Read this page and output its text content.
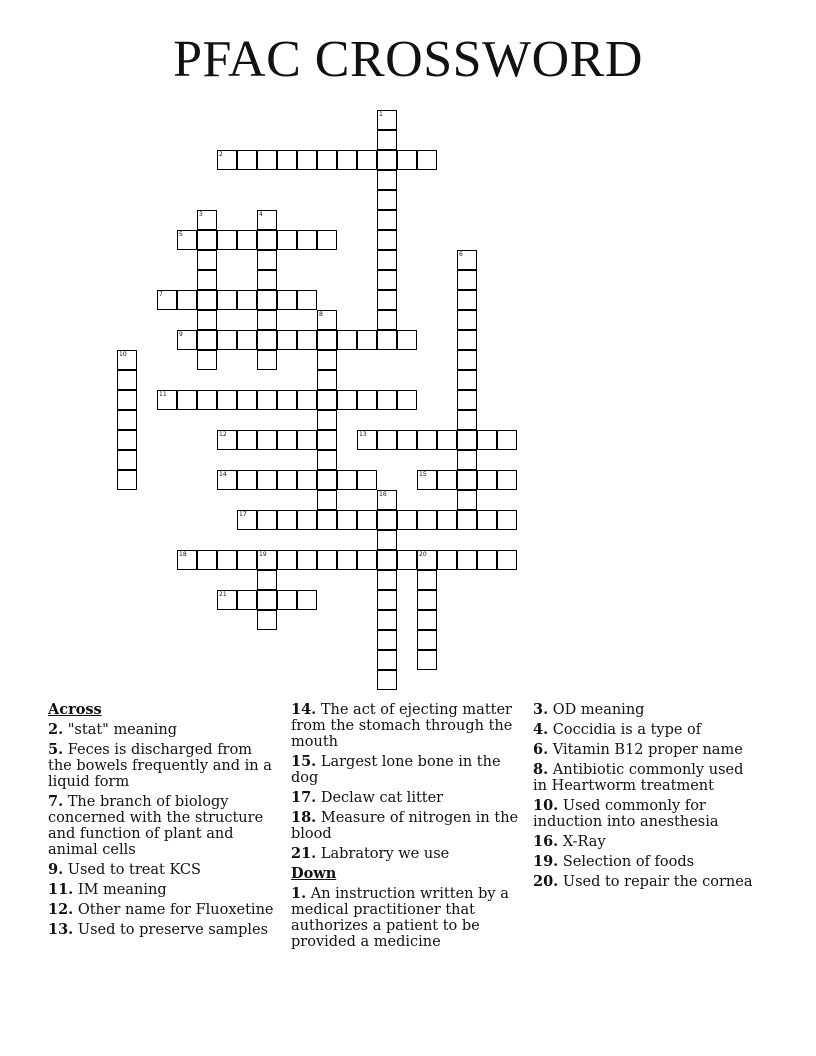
PFAC CROSSWORD
1
2
3	4
5
6
7
8
9
10
11
12	13
14	15
16
17
18	19	20
21
Across
2. "stat" meaning
5. Feces is discharged from the bowels frequently and in a liquid form
7. The branch of biology concerned with the structure and function of plant and animal cells
9. Used to treat KCS
11. IM meaning
12. Other name for Fluoxetine
13. Used to preserve samples
14. The act of ejecting matter from the stomach through the mouth
15. Largest lone bone in the dog
17. Declaw cat litter
18. Measure of nitrogen in the blood
21. Labratory we use
Down
1. An instruction written by a medical practitioner that authorizes a patient to be provided a medicine
3. OD meaning
4. Coccidia is a type of
6. Vitamin B12 proper name
8. Antibiotic commonly used in Heartworm treatment
10. Used commonly for induction into anesthesia
16. X-Ray
19. Selection of foods
20. Used to repair the cornea
